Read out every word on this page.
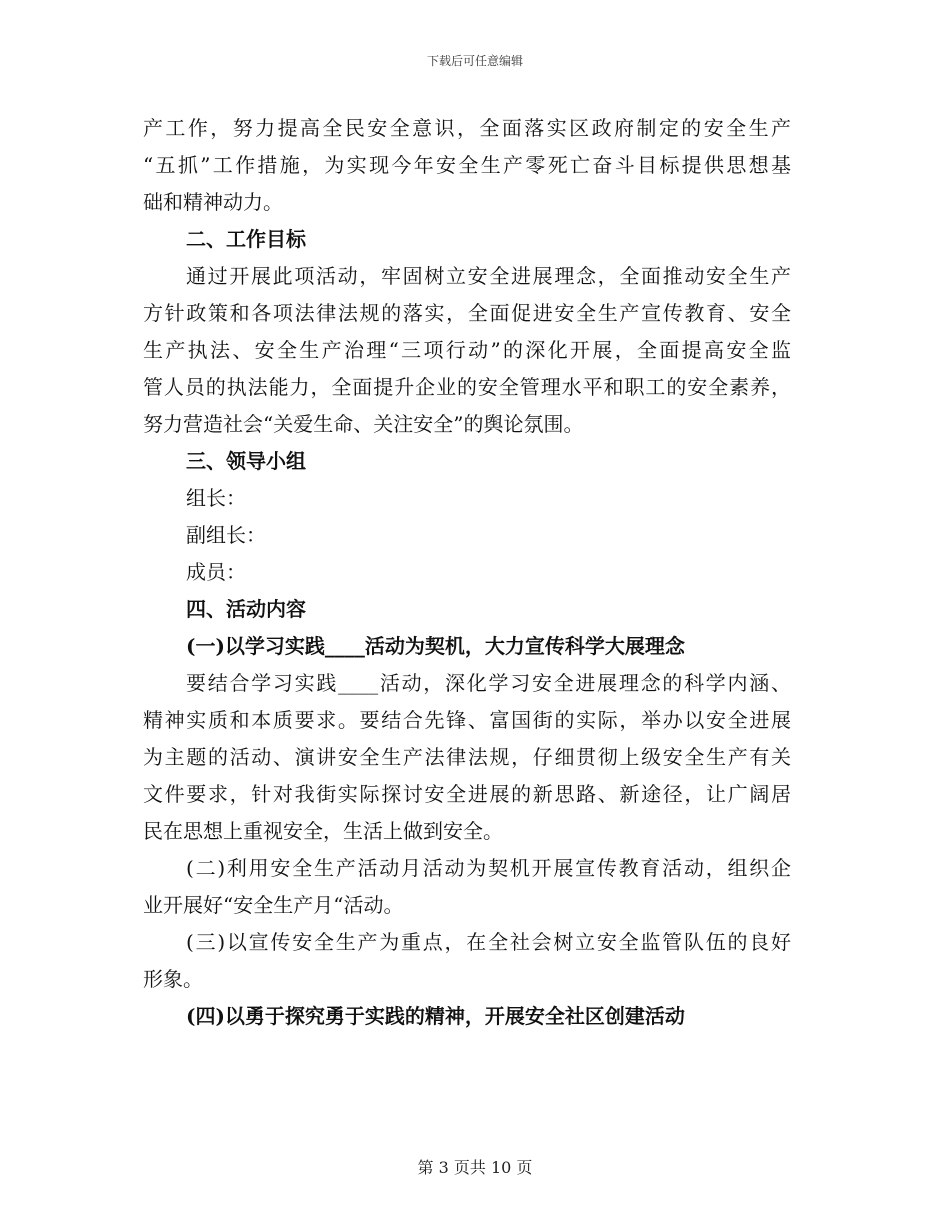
下载后可任意编辑
产工作，努力提高全民安全意识，全面落实区政府制定的安全生产
“五抓”工作措施，为实现今年安全生产零死亡奋斗目标提供思想基
础和精神动力。
二、工作目标
通过开展此项活动，牢固树立安全进展理念，全面推动安全生产
方针政策和各项法律法规的落实，全面促进安全生产宣传教育、安全
生产执法、安全生产治理“三项行动”的深化开展，全面提高安全监
管人员的执法能力，全面提升企业的安全管理水平和职工的安全素养，
努力营造社会“关爱生命、关注安全”的舆论氛围。
三、领导小组
组长：
副组长：
成员：
四、活动内容
(一)以学习实践____活动为契机，大力宣传科学大展理念
要结合学习实践____活动，深化学习安全进展理念的科学内涵、
精神实质和本质要求。要结合先锋、富国街的实际，举办以安全进展
为主题的活动、演讲安全生产法律法规，仔细贯彻上级安全生产有关
文件要求，针对我街实际探讨安全进展的新思路、新途径，让广阔居
民在思想上重视安全，生活上做到安全。
(二)利用安全生产活动月活动为契机开展宣传教育活动，组织企
业开展好“安全生产月“活动。
(三)以宣传安全生产为重点，在全社会树立安全监管队伍的良好
形象。
(四)以勇于探究勇于实践的精神，开展安全社区创建活动
第 3 页共 10 页
